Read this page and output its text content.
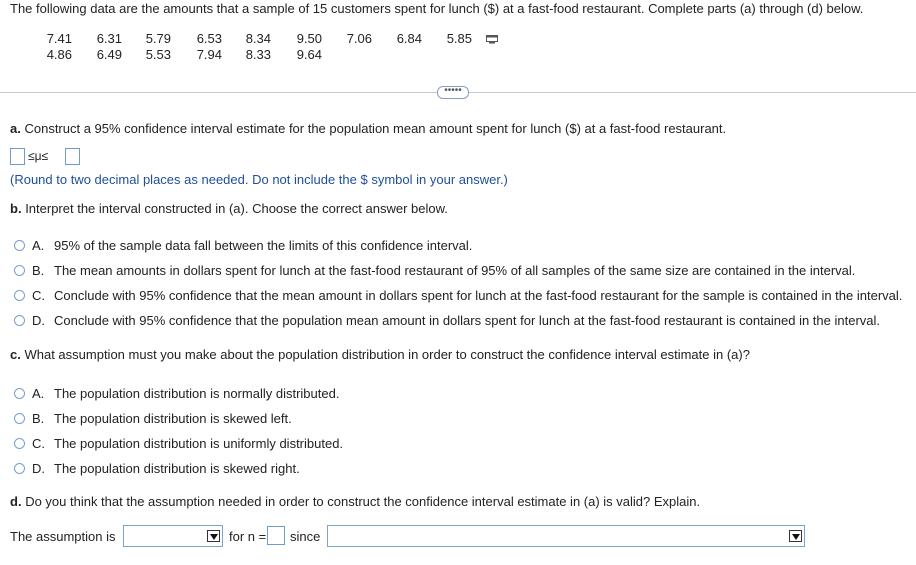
The following data are the amounts that a sample of 15 customers spent for lunch ($) at a fast-food restaurant. Complete parts (a) through (d) below.
7.41	6.31	5.79	6.53	8.34	9.50	7.06	6.84	5.85
4.86	6.49	5.53	7.94	8.33	9.64
•••••
a. Construct a 95% confidence interval estimate for the population mean amount spent for lunch ($) at a fast-food restaurant.
≤μ≤
(Round to two decimal places as needed. Do not include the $ symbol in your answer.)
b. Interpret the interval constructed in (a). Choose the correct answer below.
A. 95% of the sample data fall between the limits of this confidence interval.
B. The mean amounts in dollars spent for lunch at the fast-food restaurant of 95% of all samples of the same size are contained in the interval.
C. Conclude with 95% confidence that the mean amount in dollars spent for lunch at the fast-food restaurant for the sample is contained in the interval.
D. Conclude with 95% confidence that the population mean amount in dollars spent for lunch at the fast-food restaurant is contained in the interval.
c. What assumption must you make about the population distribution in order to construct the confidence interval estimate in (a)?
A. The population distribution is normally distributed.
B. The population distribution is skewed left.
C. The population distribution is uniformly distributed.
D. The population distribution is skewed right.
d. Do you think that the assumption needed in order to construct the confidence interval estimate in (a) is valid? Explain.
The assumption is	for n = since
